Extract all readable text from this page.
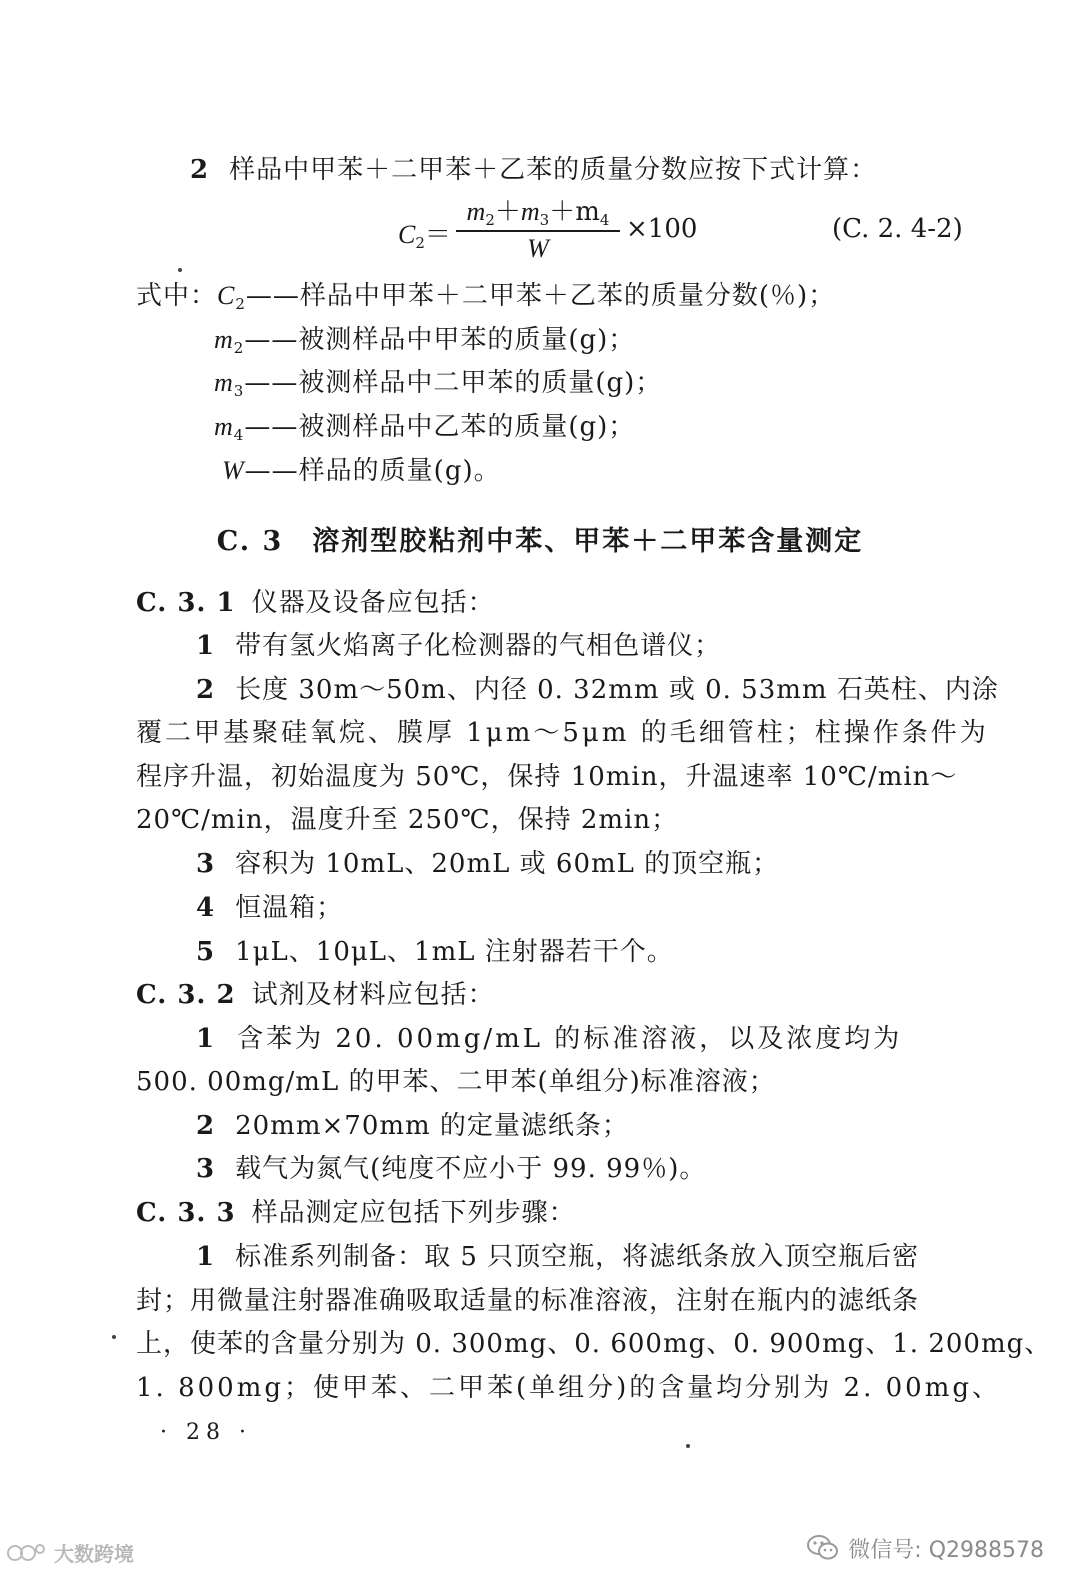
2 样品中甲苯＋二甲苯＋乙苯的质量分数应按下式计算：
$C_2=$
$m_2+m_3+m_4$
W
×100	(C. 2. 4-2)
式中：$C_2——$样品中甲苯＋二甲苯＋乙苯的质量分数(％)；
$m_2——$被测样品中甲苯的质量(g)；
$m_3——$被测样品中二甲苯的质量(g)；
$m_4——$被测样品中乙苯的质量(g)；
W——样品的质量(g)。
C. 3　溶剂型胶粘剂中苯、甲苯＋二甲苯含量测定
C. 3. 1 仪器及设备应包括：
1 带有氢火焰离子化检测器的气相色谱仪；
2 长度 30m～50m、内径 0. 32mm 或 0. 53mm 石英柱、内涂
覆二甲基聚硅氧烷、膜厚 1μm～5μm 的毛细管柱；柱操作条件为
程序升温，初始温度为 50℃，保持 10min，升温速率 10℃/min～
20℃/min，温度升至 250℃，保持 2min；
3 容积为 10mL、20mL 或 60mL 的顶空瓶；
4 恒温箱；
5 1μL、10μL、1mL 注射器若干个。
C. 3. 2 试剂及材料应包括：
1 含苯为 20. 00mg/mL 的标准溶液，以及浓度均为
500. 00mg/mL 的甲苯、二甲苯(单组分)标准溶液；
2 20mm×70mm 的定量滤纸条；
3 载气为氮气(纯度不应小于 99. 99％)。
C. 3. 3 样品测定应包括下列步骤：
1 标准系列制备：取 5 只顶空瓶，将滤纸条放入顶空瓶后密
封；用微量注射器准确吸取适量的标准溶液，注射在瓶内的滤纸条
上，使苯的含量分别为 0. 300mg、0. 600mg、0. 900mg、1. 200mg、
1. 800mg；使甲苯、二甲苯(单组分)的含量均分别为 2. 00mg、
· 28 ·
微信号: Q2988578
大数跨境
